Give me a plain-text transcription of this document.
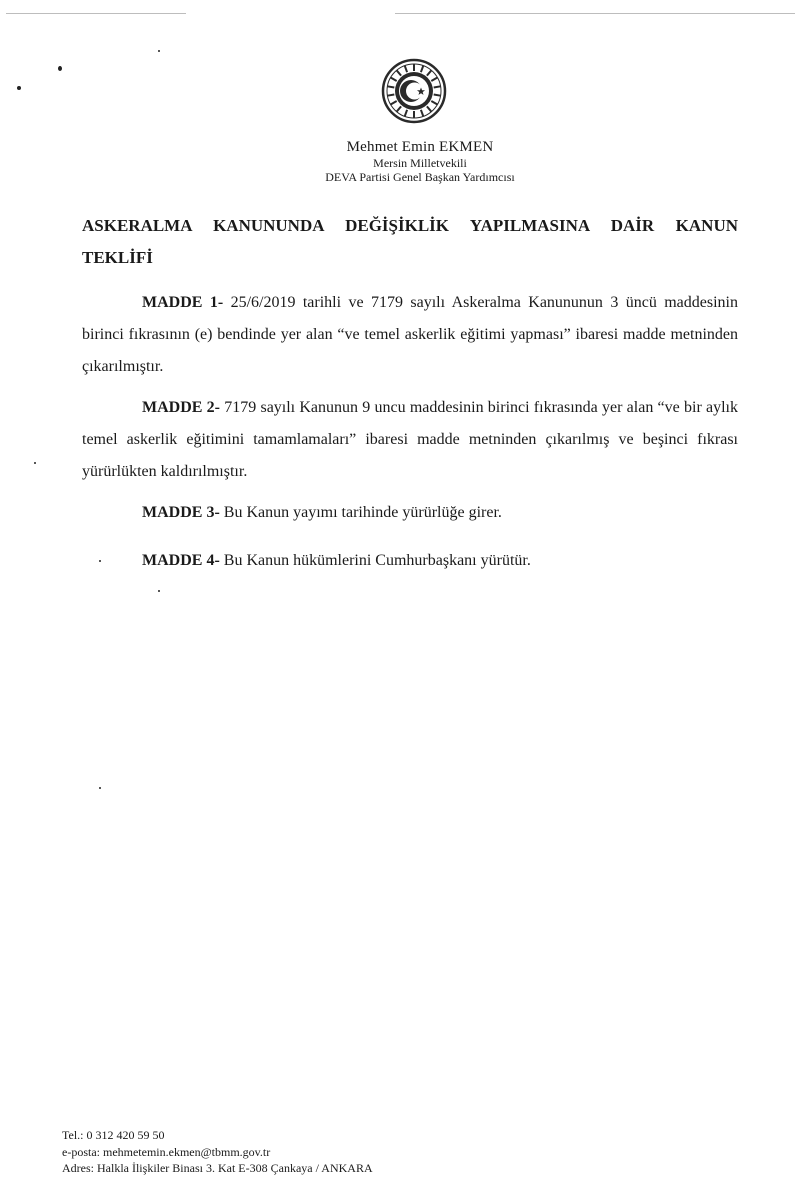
Mehmet Emin EKMEN
Mersin Milletvekili
DEVA Partisi Genel Başkan Yardımcısı
ASKERALMA KANUNUNDA DEĞİŞİKLİK YAPILMASINA DAİR KANUN
TEKLİFİ
MADDE 1- 25/6/2019 tarihli ve 7179 sayılı Askeralma Kanununun 3 üncü maddesinin birinci fıkrasının (e) bendinde yer alan “ve temel askerlik eğitimi yapması” ibaresi madde metninden çıkarılmıştır.
MADDE 2- 7179 sayılı Kanunun 9 uncu maddesinin birinci fıkrasında yer alan “ve bir aylık temel askerlik eğitimini tamamlamaları” ibaresi madde metninden çıkarılmış ve beşinci fıkrası yürürlükten kaldırılmıştır.
MADDE 3- Bu Kanun yayımı tarihinde yürürlüğe girer.
MADDE 4- Bu Kanun hükümlerini Cumhurbaşkanı yürütür.
Tel.: 0 312 420 59 50
e-posta: mehmetemin.ekmen@tbmm.gov.tr
Adres: Halkla İlişkiler Binası 3. Kat E-308 Çankaya / ANKARA
